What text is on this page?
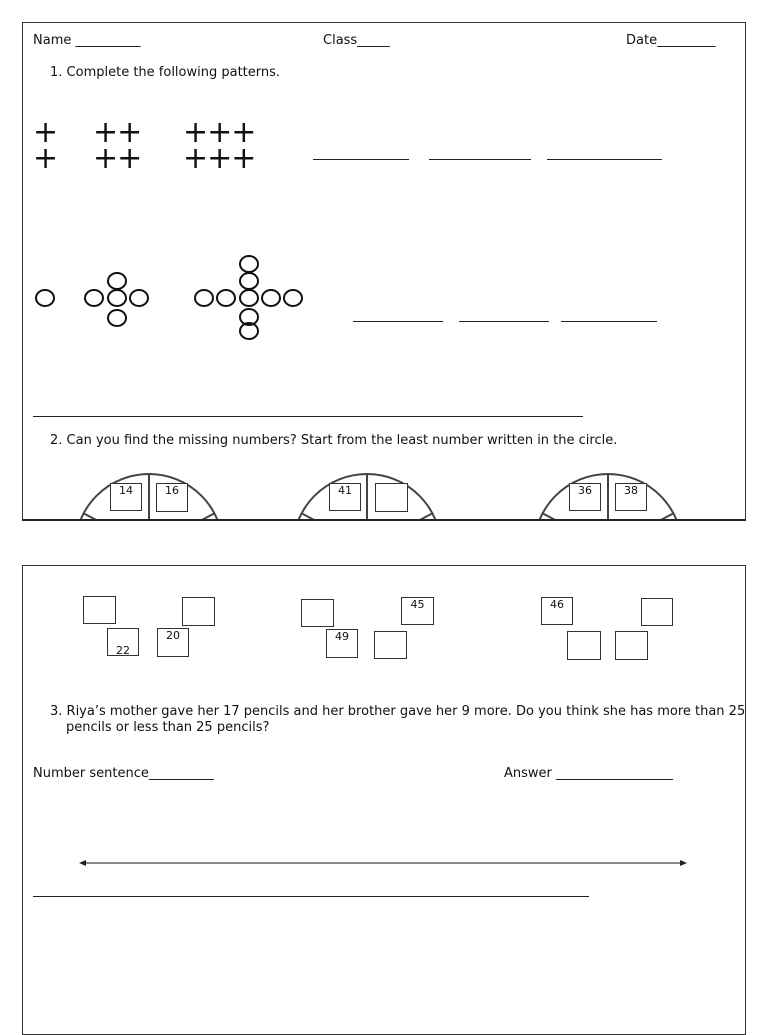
Name __________	Class_____	Date_________
1. Complete the following patterns.
+
+
++
++
+++
+++
2. Can you find the missing numbers? Start from the least number written in the circle.
14	16	41	36	38
22
20
45
49
46
3. Riya’s mother gave her 17 pencils and her brother gave her 9 more. Do you think she has more than 25
pencils or less than 25 pencils?
Number sentence__________	Answer __________________
